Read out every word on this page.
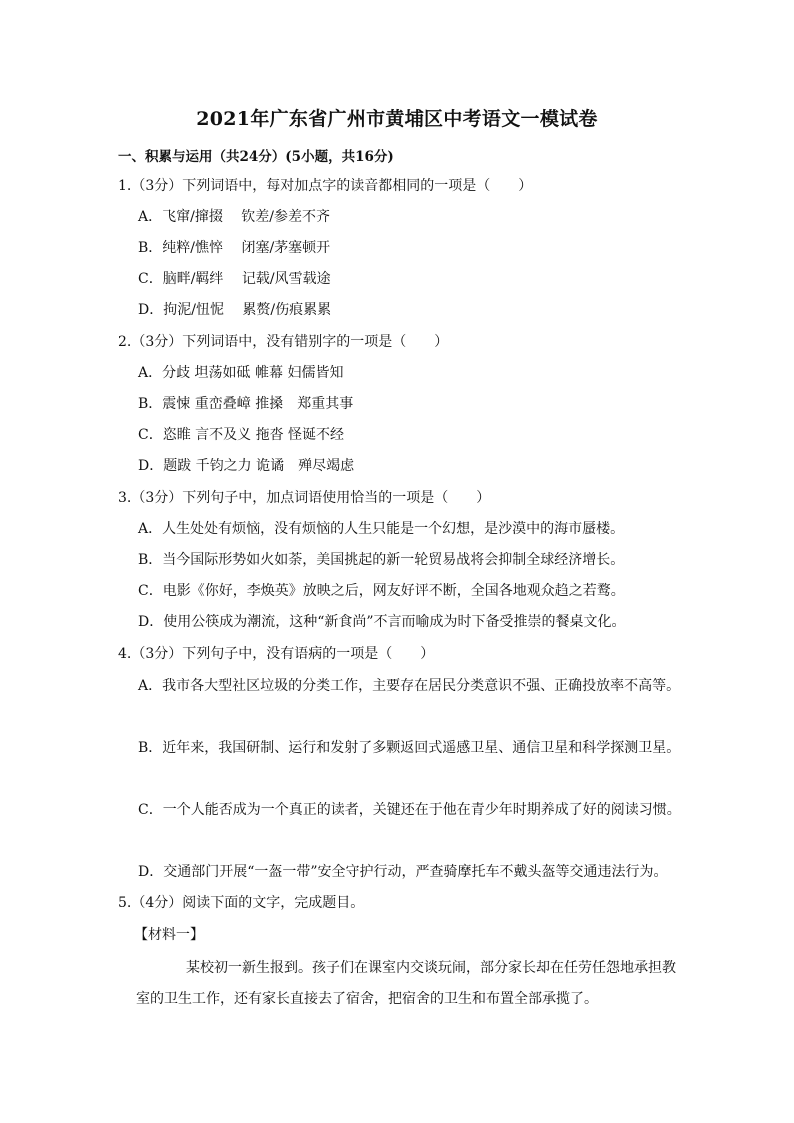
2021年广东省广州市黄埔区中考语文一模试卷
一、积累与运用（共24分）(5小题，共16分)
1.（3分）下列词语中，每对加点字的读音都相同的一项是（　　）
A．飞窜/撺掇　 钦差/参差不齐
B．纯粹/憔悴　 闭塞/茅塞顿开
C．脑畔/羁绊　 记载/风雪载途
D．拘泥/忸怩　 累赘/伤痕累累
2.（3分）下列词语中，没有错别字的一项是（　　）
A．分歧 坦荡如砥 帷幕 妇儒皆知
B．震悚 重峦叠嶂 推搡　郑重其事
C．恣睢 言不及义 拖沓 怪诞不经
D．题跋 千钧之力 诡谲　殚尽竭虑
3.（3分）下列句子中，加点词语使用恰当的一项是（　　）
A．人生处处有烦恼，没有烦恼的人生只能是一个幻想，是沙漠中的海市蜃楼。
B．当今国际形势如火如荼，美国挑起的新一轮贸易战将会抑制全球经济增长。
C．电影《你好，李焕英》放映之后，网友好评不断，全国各地观众趋之若鹜。
D．使用公筷成为潮流，这种“新食尚”不言而喻成为时下备受推崇的餐桌文化。
4.（3分）下列句子中，没有语病的一项是（　　）
A．我市各大型社区垃圾的分类工作，主要存在居民分类意识不强、正确投放率不高等。
B．近年来，我国研制、运行和发射了多颗返回式遥感卫星、通信卫星和科学探测卫星。
C．一个人能否成为一个真正的读者，关键还在于他在青少年时期养成了好的阅读习惯。
D．交通部门开展“一盔一带”安全守护行动，严查骑摩托车不戴头盔等交通违法行为。
5.（4分）阅读下面的文字，完成题目。
【材料一】
某校初一新生报到。孩子们在课室内交谈玩闹，部分家长却在任劳任怨地承担教
室的卫生工作，还有家长直接去了宿舍，把宿舍的卫生和布置全部承揽了。
